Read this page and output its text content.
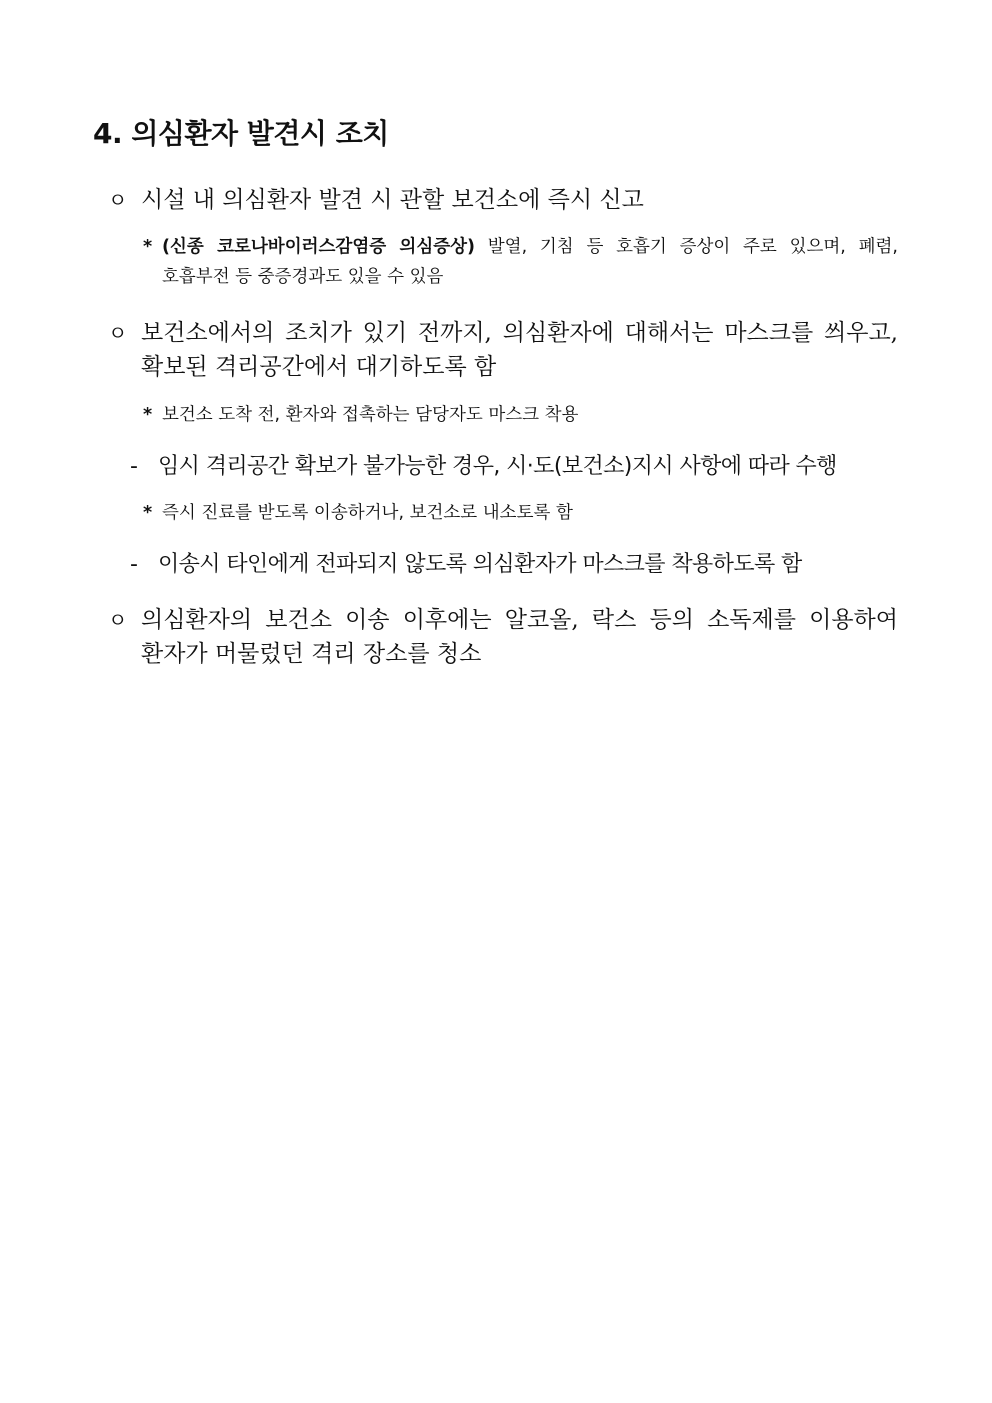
4. 의심환자 발견시 조치
ㅇ 시설 내 의심환자 발견 시 관할 보건소에 즉시 신고
* (신종 코로나바이러스감염증 의심증상) 발열, 기침 등 호흡기 증상이 주로 있으며, 폐렴, 호흡부전 등 중증경과도 있을 수 있음
ㅇ 보건소에서의 조치가 있기 전까지, 의심환자에 대해서는 마스크를 씌우고, 확보된 격리공간에서 대기하도록 함
* 보건소 도착 전, 환자와 접촉하는 담당자도 마스크 착용
- 임시 격리공간 확보가 불가능한 경우, 시·도(보건소)지시 사항에 따라 수행
* 즉시 진료를 받도록 이송하거나, 보건소로 내소토록 함
- 이송시 타인에게 전파되지 않도록 의심환자가 마스크를 착용하도록 함
ㅇ 의심환자의 보건소 이송 이후에는 알코올, 락스 등의 소독제를 이용하여 환자가 머물렀던 격리 장소를 청소
